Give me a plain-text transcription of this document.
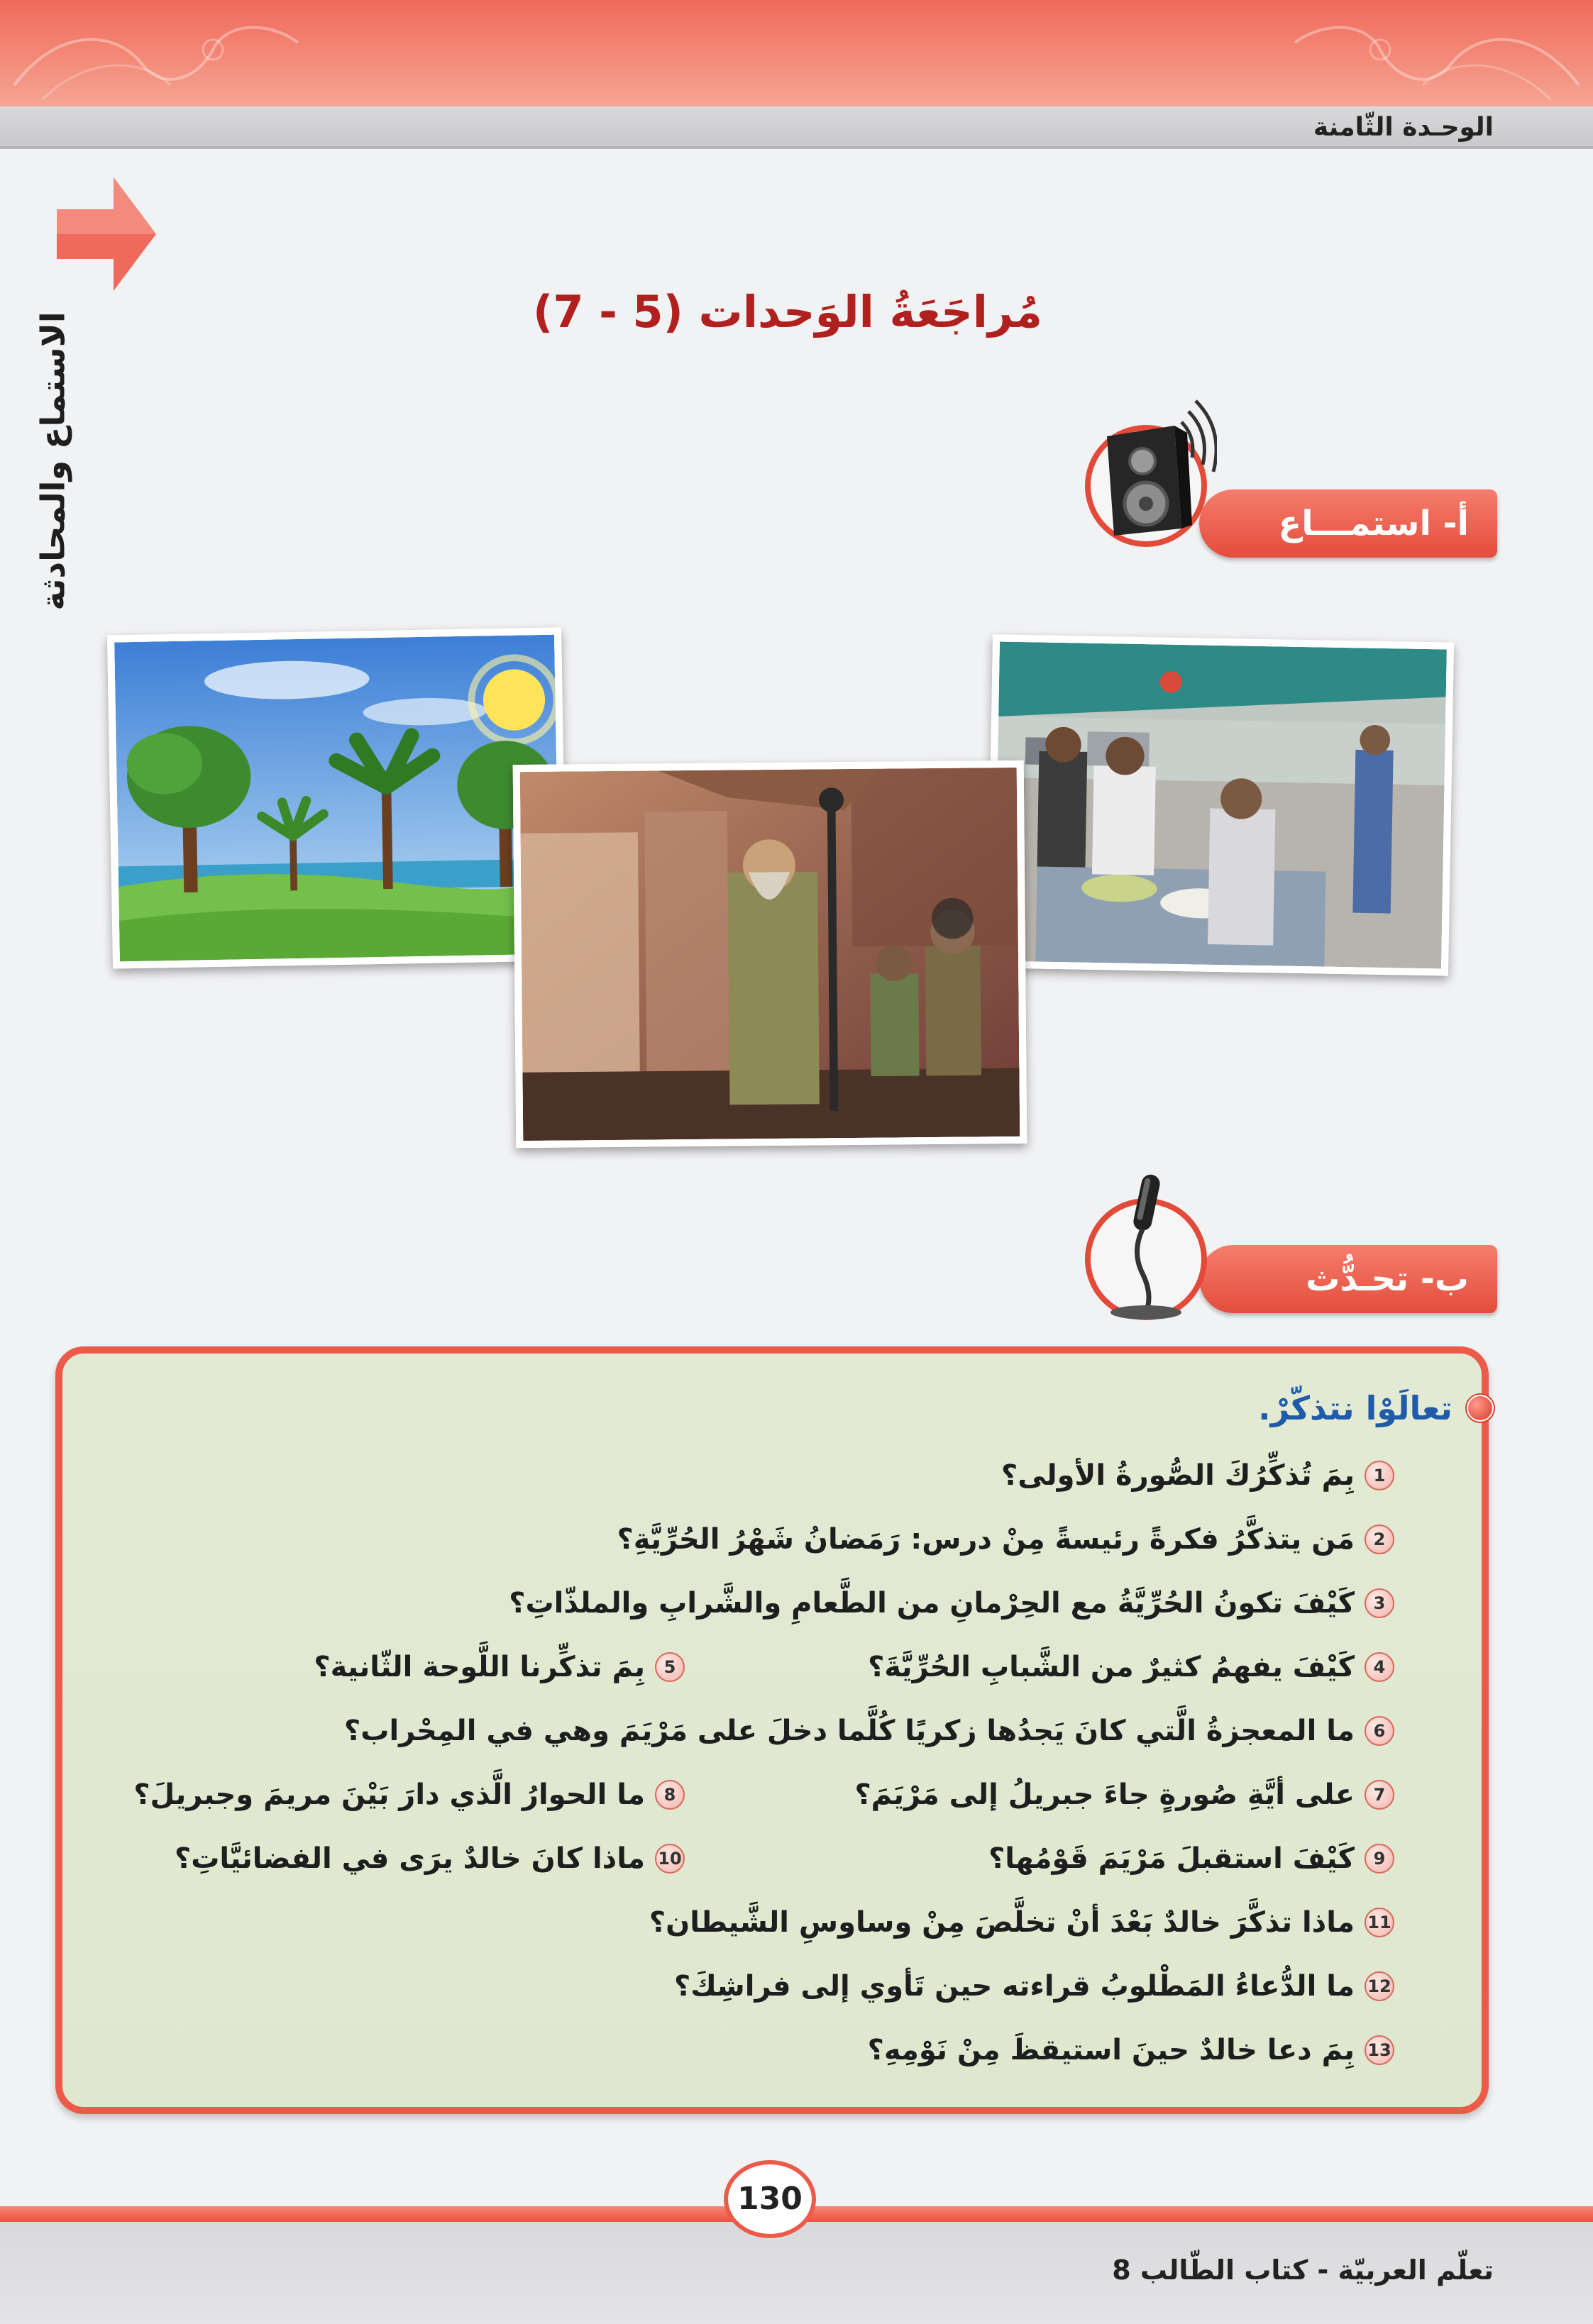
الوحـدة الثّامنة
الاستماع والمحادثة	مُراجَعَةُ الوَحدات (5 - 7)
أ- استمـــاع
ب- تحـدُّث
تعالَوْا نتذكّرْ.
1
بِمَ تُذكِّرُكَ الصُّورةُ الأولى؟
2
مَن يتذكَّرُ فكرةً رئيسةً مِنْ درس: رَمَضانُ شَهْرُ الحُرِّيَّةِ؟
3
كَيْفَ تكونُ الحُرِّيَّةُ مع الحِرْمانِ من الطَّعامِ والشَّرابِ والملذّاتِ؟
4
كَيْفَ يفهمُ كثيرٌ من الشَّبابِ الحُرِّيَّةَ؟
5
بِمَ تذكِّرنا اللَّوحة الثّانية؟
6
ما المعجزةُ الَّتي كانَ يَجدُها زكريًا كُلَّما دخلَ على مَرْيَمَ وهي في المِحْراب؟
7
على أيَّةِ صُورةٍ جاءَ جبريلُ إلى مَرْيَمَ؟
8
ما الحوارُ الَّذي دارَ بَيْنَ مريمَ وجبريلَ؟
9
كَيْفَ استقبلَ مَرْيَمَ قَوْمُها؟
10
ماذا كانَ خالدٌ يرَى في الفضائيَّاتِ؟
11
ماذا تذكَّرَ خالدٌ بَعْدَ أنْ تخلَّصَ مِنْ وساوسِ الشَّيطان؟
12
ما الدُّعاءُ المَطْلوبُ قراءته حين تَأوي إلى فراشِكَ؟
13
بِمَ دعا خالدٌ حينَ استيقظَ مِنْ نَوْمِهِ؟
130
تعلّم العربيّة - كتاب الطّالب 8
